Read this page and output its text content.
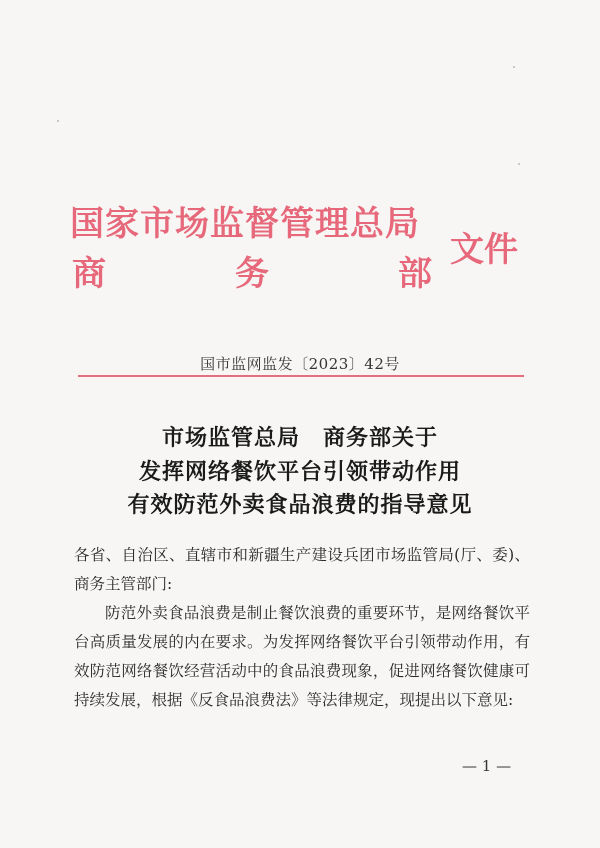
国家市场监督管理总局
商	务	部
文件
国市监网监发〔2023〕42号
市场监管总局　商务部关于
发挥网络餐饮平台引领带动作用
有效防范外卖食品浪费的指导意见
各省、自治区、直辖市和新疆生产建设兵团市场监管局(厅、委)、商务主管部门:
防范外卖食品浪费是制止餐饮浪费的重要环节，是网络餐饮平台高质量发展的内在要求。为发挥网络餐饮平台引领带动作用，有效防范网络餐饮经营活动中的食品浪费现象，促进网络餐饮健康可持续发展，根据《反食品浪费法》等法律规定，现提出以下意见:
— 1 —
